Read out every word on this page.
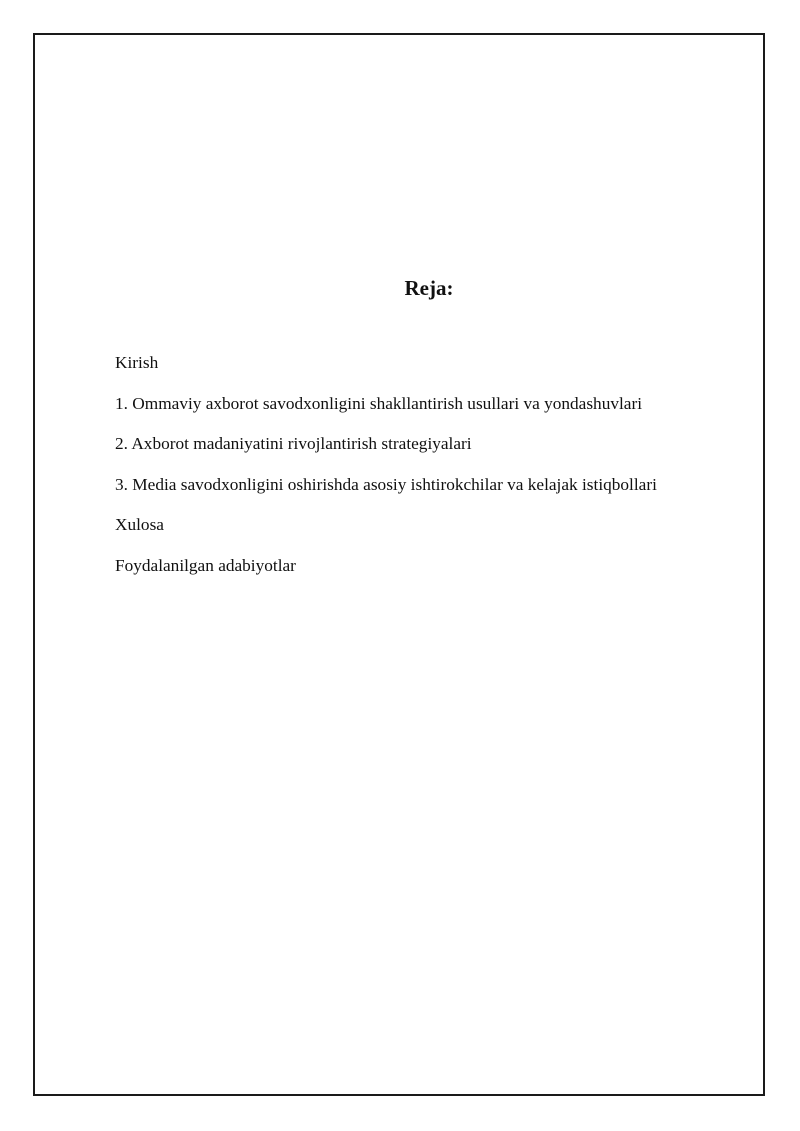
Reja:
Kirish
1. Ommaviy axborot savodxonligini shakllantirish usullari va yondashuvlari
2. Axborot madaniyatini rivojlantirish strategiyalari
3. Media savodxonligini oshirishda asosiy ishtirokchilar va kelajak istiqbollari
Xulosa
Foydalanilgan adabiyotlar
